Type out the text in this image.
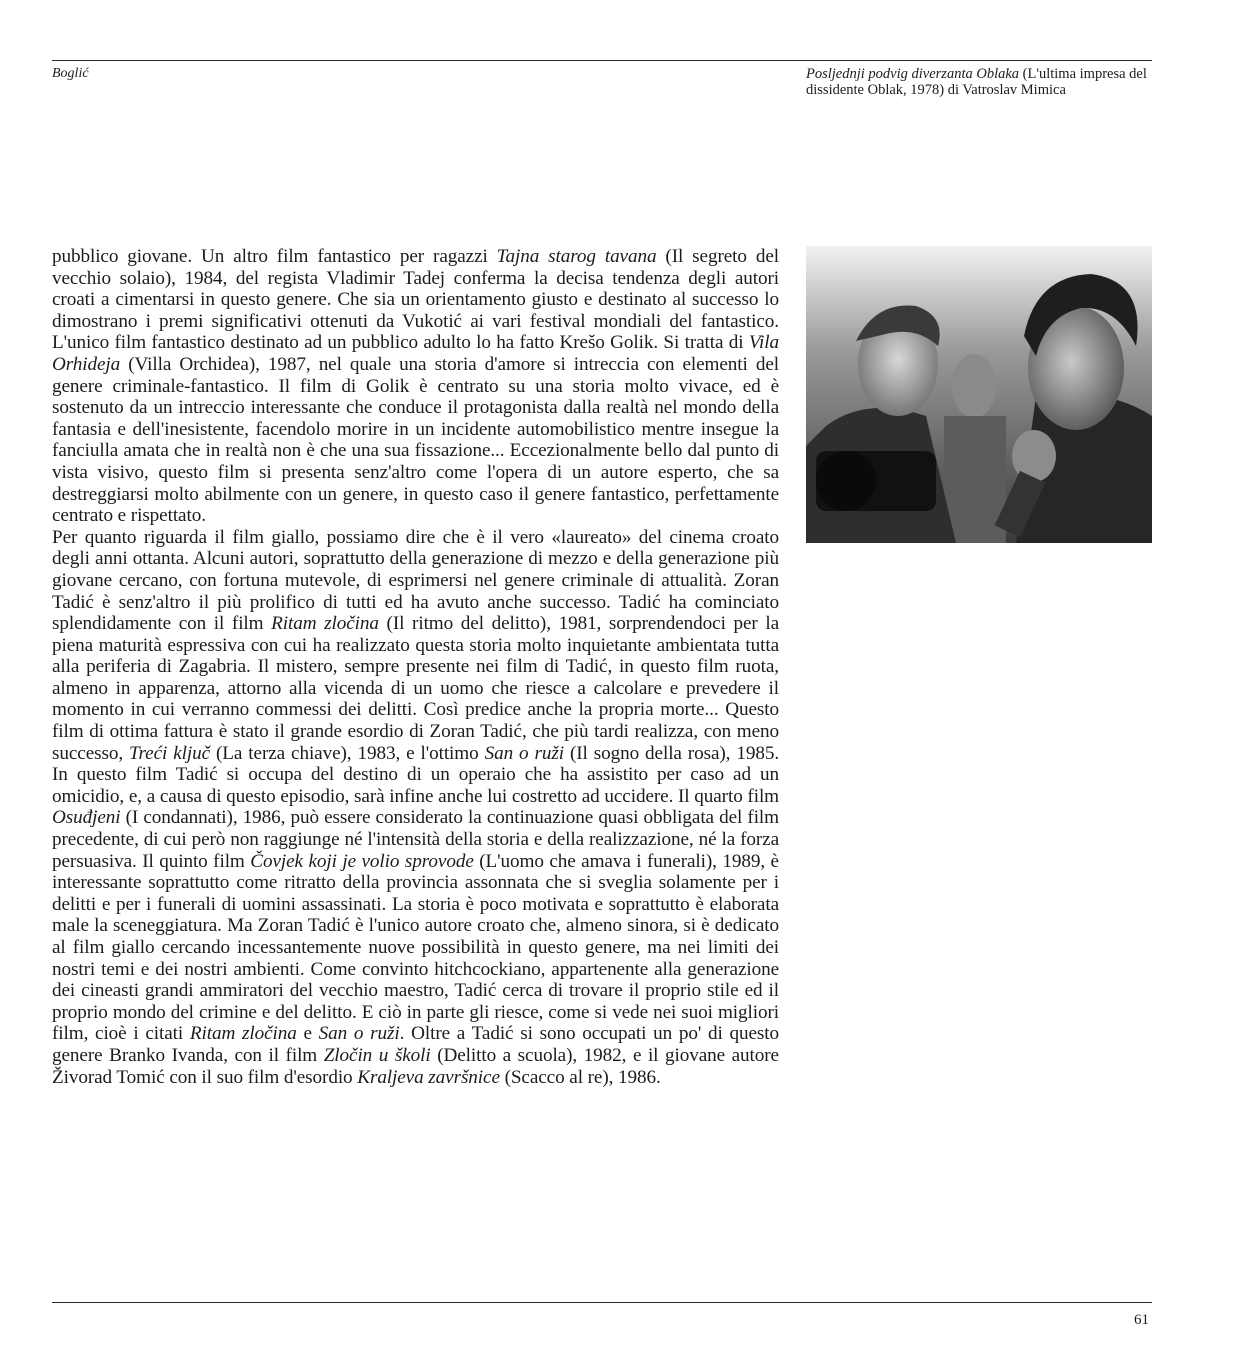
Boglić	Posljednji podvig diverzanta Oblaka (L'ultima impresa del dissidente Oblak, 1978) di Vatroslav Mimica

pubblico giovane. Un altro film fantastico per ragazzi Tajna starog tavana (Il segreto del vecchio solaio), 1984, del regista Vladimir Tadej conferma la decisa tendenza degli autori croati a cimentarsi in questo genere. Che sia un orientamento giusto e destinato al successo lo dimostrano i premi significativi ottenuti da Vukotić ai vari festival mondiali del fantastico. L'unico film fantastico destinato ad un pubblico adulto lo ha fatto Krešo Golik. Si tratta di Vila Orhideja (Villa Orchidea), 1987, nel quale una storia d'amore si intreccia con elementi del genere criminale-fantastico. Il film di Golik è centrato su una storia molto vivace, ed è sostenuto da un intreccio interessante che conduce il protagonista dalla realtà nel mondo della fantasia e dell'inesistente, facendolo morire in un incidente automobilistico mentre insegue la fanciulla amata che in realtà non è che una sua fissazione... Eccezionalmente bello dal punto di vista visivo, questo film si presenta senz'altro come l'opera di un autore esperto, che sa destreggiarsi molto abilmente con un genere, in questo caso il genere fantastico, perfettamente centrato e rispettato.

Per quanto riguarda il film giallo, possiamo dire che è il vero «laureato» del cinema croato degli anni ottanta. Alcuni autori, soprattutto della generazione di mezzo e della generazione più giovane cercano, con fortuna mutevole, di esprimersi nel genere criminale di attualità. Zoran Tadić è senz'altro il più prolifico di tutti ed ha avuto anche successo. Tadić ha cominciato splendidamente con il film Ritam zločina (Il ritmo del delitto), 1981, sorprendendoci per la piena maturità espressiva con cui ha realizzato questa storia molto inquietante ambientata tutta alla periferia di Zagabria. Il mistero, sempre presente nei film di Tadić, in questo film ruota, almeno in apparenza, attorno alla vicenda di un uomo che riesce a calcolare e prevedere il momento in cui verranno commessi dei delitti. Così predice anche la propria morte... Questo film di ottima fattura è stato il grande esordio di Zoran Tadić, che più tardi realizza, con meno successo, Treći ključ (La terza chiave), 1983, e l'ottimo San o ruži (Il sogno della rosa), 1985. In questo film Tadić si occupa del destino di un operaio che ha assistito per caso ad un omicidio, e, a causa di questo episodio, sarà infine anche lui costretto ad uccidere. Il quarto film Osuđjeni (I condannati), 1986, può essere considerato la continuazione quasi obbligata del film precedente, di cui però non raggiunge né l'intensità della storia e della realizzazione, né la forza persuasiva. Il quinto film Čovjek koji je volio sprovode (L'uomo che amava i funerali), 1989, è interessante soprattutto come ritratto della provincia assonnata che si sveglia solamente per i delitti e per i funerali di uomini assassinati. La storia è poco motivata e soprattutto è elaborata male la sceneggiatura. Ma Zoran Tadić è l'unico autore croato che, almeno sinora, si è dedicato al film giallo cercando incessantemente nuove possibilità in questo genere, ma nei limiti dei nostri temi e dei nostri ambienti. Come convinto hitchcockiano, appartenente alla generazione dei cineasti grandi ammiratori del vecchio maestro, Tadić cerca di trovare il proprio stile ed il proprio mondo del crimine e del delitto. E ciò in parte gli riesce, come si vede nei suoi migliori film, cioè i citati Ritam zločina e San o ruži. Oltre a Tadić si sono occupati un po' di questo genere Branko Ivanda, con il film Zločin u školi (Delitto a scuola), 1982, e il giovane autore Živorad Tomić con il suo film d'esordio Kraljeva završnice (Scacco al re), 1986.

61
